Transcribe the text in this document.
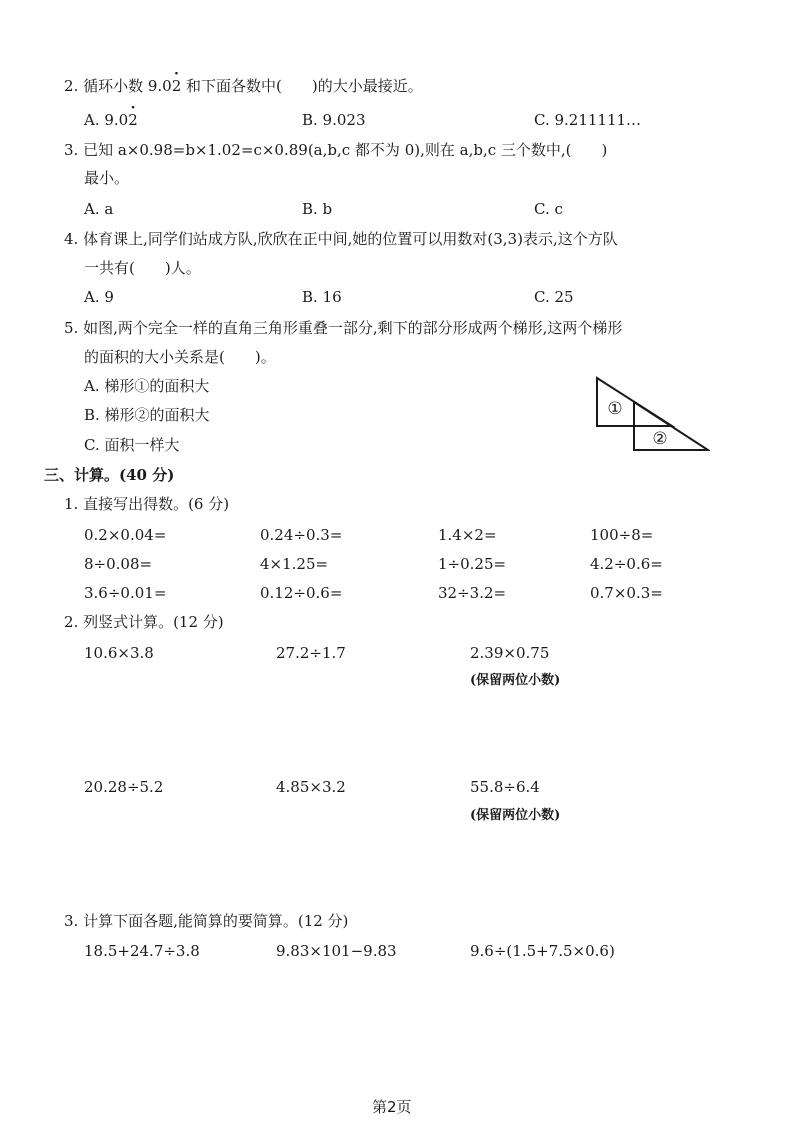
2. 循环小数 9.0· 2 和下面各数中(　　)的大小最接近。
A. 9.0· 2	B. 9.023	C. 9.211111…
3. 已知 a×0.98=b×1.02=c×0.89(a,b,c 都不为 0),则在 a,b,c 三个数中,(　　)
最小。
A. a	B. b	C. c
4. 体育课上,同学们站成方队,欣欣在正中间,她的位置可以用数对(3,3)表示,这个方队
一共有(　　)人。
A. 9	B. 16	C. 25
5. 如图,两个完全一样的直角三角形重叠一部分,剩下的部分形成两个梯形,这两个梯形
的面积的大小关系是(　　)。
A. 梯形①的面积大
B. 梯形②的面积大
C. 面积一样大
①
②
三、计算。(40 分)
1. 直接写出得数。(6 分)
0.2×0.04=	0.24÷0.3=	1.4×2=	100÷8=
8÷0.08=	4×1.25=	1÷0.25=	4.2÷0.6=
3.6÷0.01=	0.12÷0.6=	32÷3.2=	0.7×0.3=
2. 列竖式计算。(12 分)
10.6×3.8	27.2÷1.7	2.39×0.75
(保留两位小数)
20.28÷5.2	4.85×3.2	55.8÷6.4
(保留两位小数)
3. 计算下面各题,能简算的要简算。(12 分)
18.5+24.7÷3.8	9.83×101−9.83	9.6÷(1.5+7.5×0.6)
第2页
